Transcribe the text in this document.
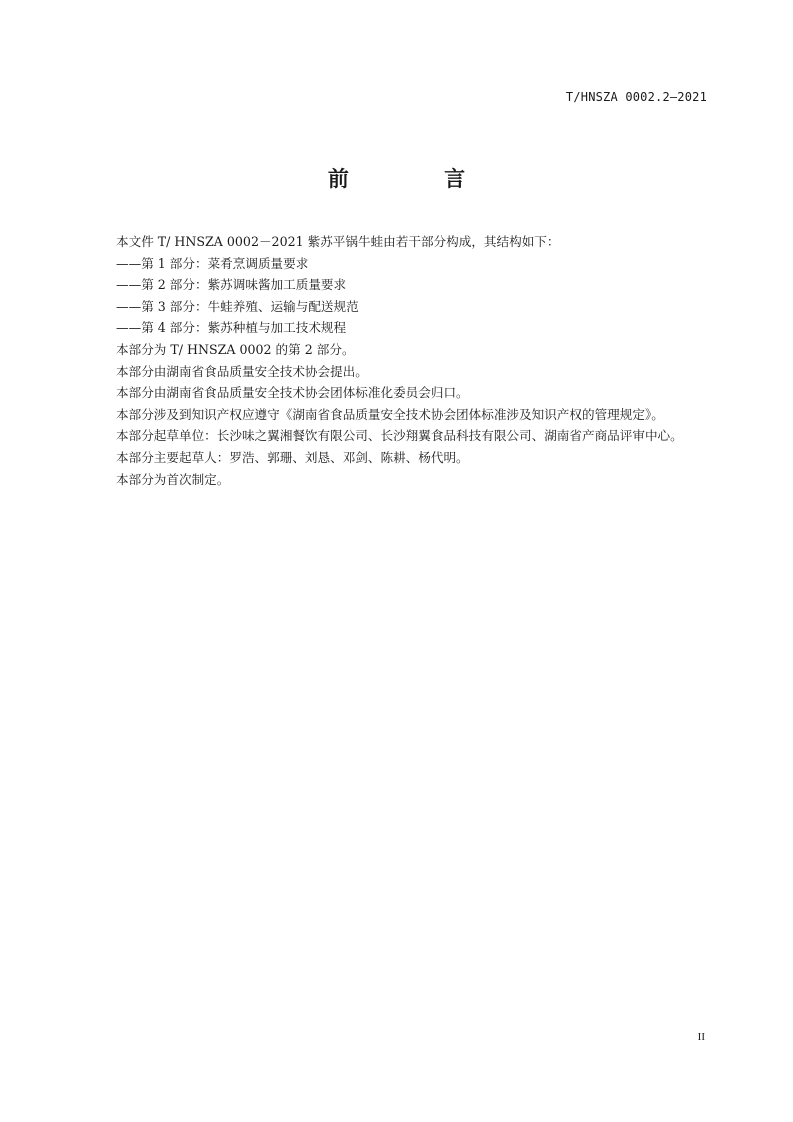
T/HNSZA 0002.2—2021
前 言

本文件 T/ HNSZA 0002－2021 紫苏平锅牛蛙由若干部分构成，其结构如下：

——第 1 部分：菜肴烹调质量要求

——第 2 部分：紫苏调味酱加工质量要求

——第 3 部分：牛蛙养殖、运输与配送规范

——第 4 部分：紫苏种植与加工技术规程

本部分为 T/ HNSZA 0002 的第 2 部分。

本部分由湖南省食品质量安全技术协会提出。

本部分由湖南省食品质量安全技术协会团体标准化委员会归口。

本部分涉及到知识产权应遵守《湖南省食品质量安全技术协会团体标准涉及知识产权的管理规定》。

本部分起草单位：长沙味之翼湘餐饮有限公司、长沙翔翼食品科技有限公司、湖南省产商品评审中心。

本部分主要起草人：罗浩、郭珊、刘恳、邓剑、陈耕、杨代明。

本部分为首次制定。

II
